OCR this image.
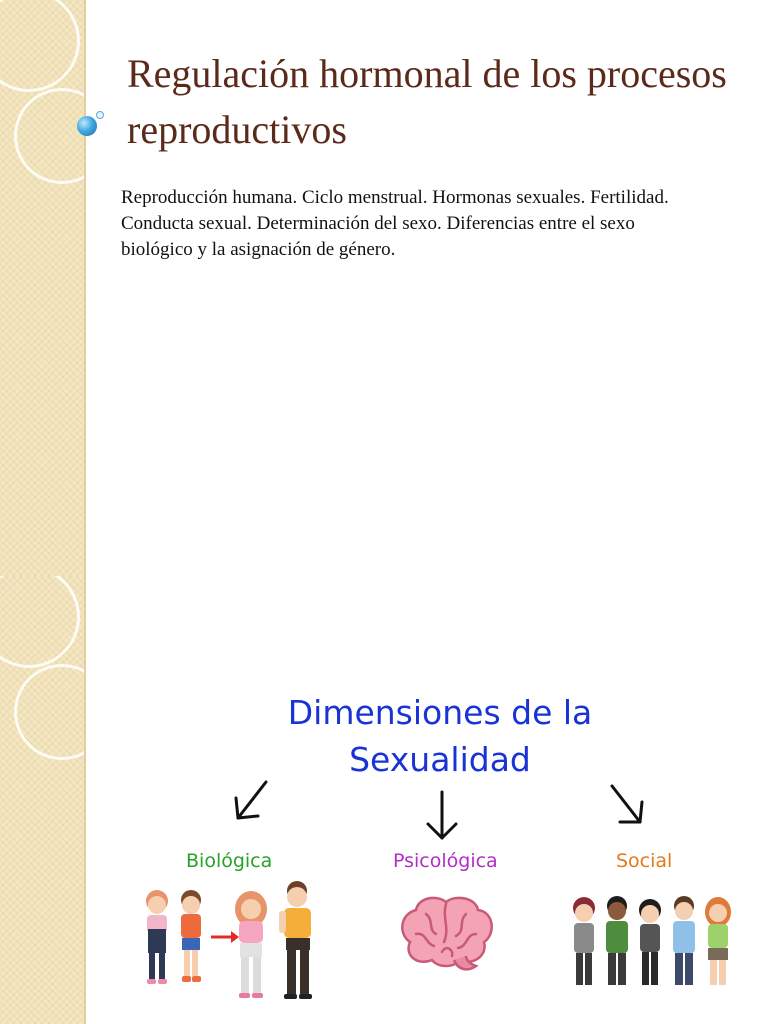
Regulación hormonal de los procesos reproductivos
Reproducción humana. Ciclo menstrual. Hormonas sexuales. Fertilidad. Conducta sexual. Determinación del sexo. Diferencias entre el sexo biológico y la asignación de género.
Dimensiones de la
Sexualidad
Biológica	Psicológica	Social
